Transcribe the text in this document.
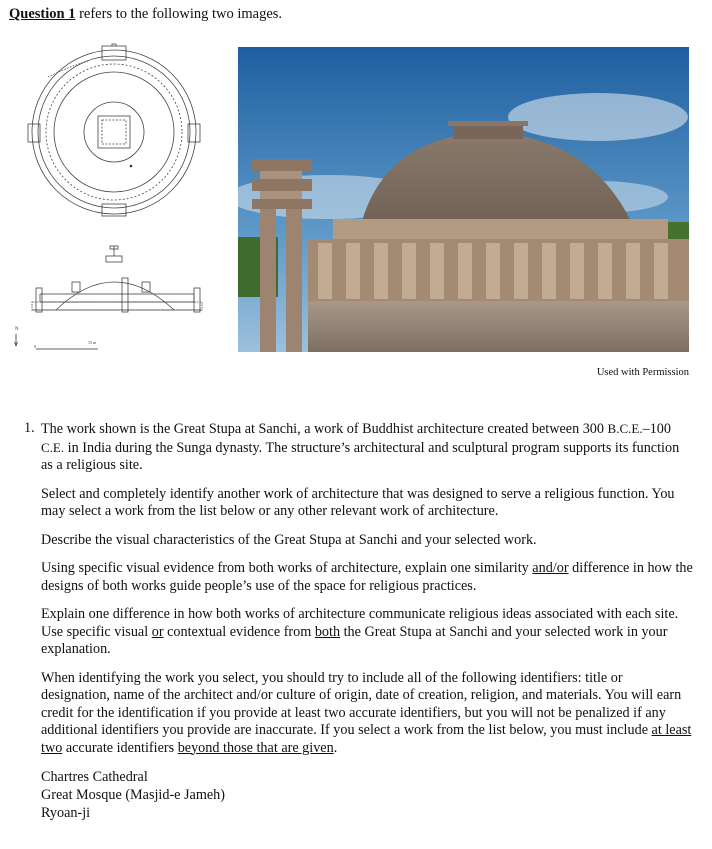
Question 1 refers to the following two images.
N
0
15 m
Used with Permission
1. The work shown is the Great Stupa at Sanchi, a work of Buddhist architecture created between 300 B.C.E.–100 C.E. in India during the Sunga dynasty. The structure’s architectural and sculptural program supports its function as a religious site.

Select and completely identify another work of architecture that was designed to serve a religious function. You may select a work from the list below or any other relevant work of architecture.

Describe the visual characteristics of the Great Stupa at Sanchi and your selected work.

Using specific visual evidence from both works of architecture, explain one similarity and/or difference in how the designs of both works guide people’s use of the space for religious practices.

Explain one difference in how both works of architecture communicate religious ideas associated with each site. Use specific visual or contextual evidence from both the Great Stupa at Sanchi and your selected work in your explanation.

When identifying the work you select, you should try to include all of the following identifiers: title or designation, name of the architect and/or culture of origin, date of creation, religion, and materials. You will earn credit for the identification if you provide at least two accurate identifiers, but you will not be penalized if any additional identifiers you provide are inaccurate. If you select a work from the list below, you must include at least two accurate identifiers beyond those that are given.

Chartres Cathedral
Great Mosque (Masjid-e Jameh)
Ryoan-ji
